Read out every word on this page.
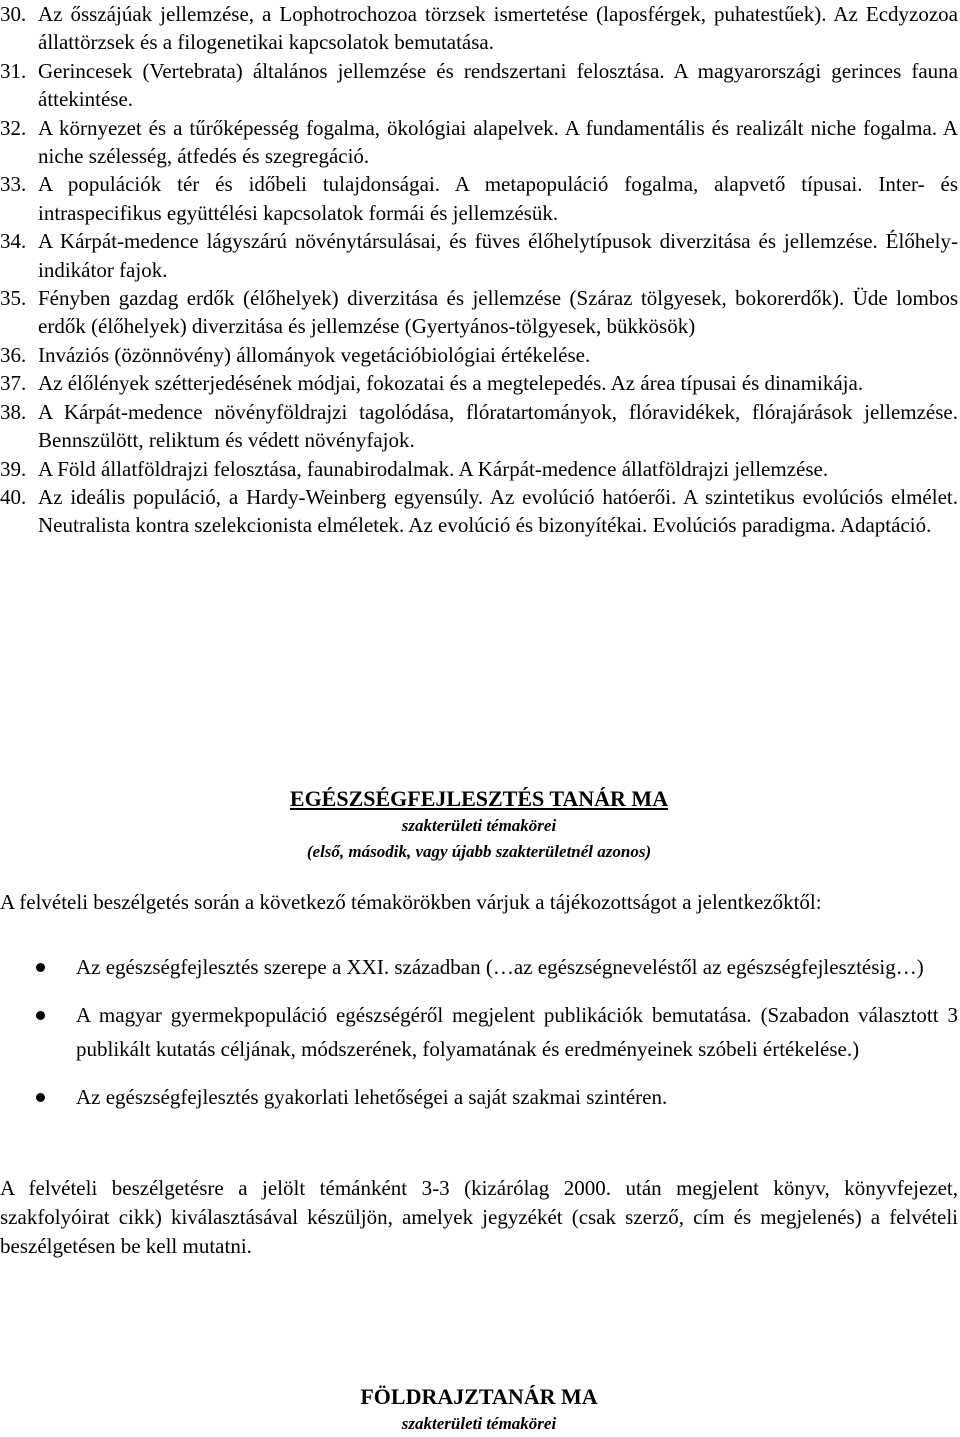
30. Az ősszájúak jellemzése, a Lophotrochozoa törzsek ismertetése (laposférgek, puhatestűek). Az Ecdyzozoa állattörzsek és a filogenetikai kapcsolatok bemutatása.

31. Gerincesek (Vertebrata) általános jellemzése és rendszertani felosztása. A magyarországi gerinces fauna áttekintése.

32. A környezet és a tűrőképesség fogalma, ökológiai alapelvek. A fundamentális és realizált niche fogalma. A niche szélesség, átfedés és szegregáció.

33. A populációk tér és időbeli tulajdonságai. A metapopuláció fogalma, alapvető típusai. Inter- és intraspecifikus együttélési kapcsolatok formái és jellemzésük.

34. A Kárpát-medence lágyszárú növénytársulásai, és füves élőhelytípusok diverzitása és jellemzése. Élőhely-indikátor fajok.

35. Fényben gazdag erdők (élőhelyek) diverzitása és jellemzése (Száraz tölgyesek, bokorerdők). Üde lombos erdők (élőhelyek) diverzitása és jellemzése (Gyertyános-tölgyesek, bükkösök)

36. Inváziós (özönnövény) állományok vegetációbiológiai értékelése.

37. Az élőlények szétterjedésének módjai, fokozatai és a megtelepedés. Az área típusai és dinamikája.

38. A Kárpát-medence növényföldrajzi tagolódása, flóratartományok, flóravidékek, flórajárások jellemzése. Bennszülött, reliktum és védett növényfajok.

39. A Föld állatföldrajzi felosztása, faunabirodalmak. A Kárpát-medence állatföldrajzi jellemzése.

40. Az ideális populáció, a Hardy-Weinberg egyensúly. Az evolúció hatóerői. A szintetikus evolúciós elmélet. Neutralista kontra szelekcionista elméletek. Az evolúció és bizonyítékai. Evolúciós paradigma. Adaptáció.

EGÉSZSÉGFEJLESZTÉS TANÁR MA
szakterületi témakörei
(első, második, vagy újabb szakterületnél azonos)

A felvételi beszélgetés során a következő témakörökben várjuk a tájékozottságot a jelentkezőktől:

Az egészségfejlesztés szerepe a XXI. században (…az egészségneveléstől az egészségfejlesztésig…)
A magyar gyermekpopuláció egészségéről megjelent publikációk bemutatása. (Szabadon választott 3 publikált kutatás céljának, módszerének, folyamatának és eredményeinek szóbeli értékelése.)
Az egészségfejlesztés gyakorlati lehetőségei a saját szakmai szintéren.

A felvételi beszélgetésre a jelölt témánként 3-3 (kizárólag 2000. után megjelent könyv, könyvfejezet, szakfolyóirat cikk) kiválasztásával készüljön, amelyek jegyzékét (csak szerző, cím és megjelenés) a felvételi beszélgetésen be kell mutatni.

FÖLDRAJZTANÁR MA
szakterületi témakörei
